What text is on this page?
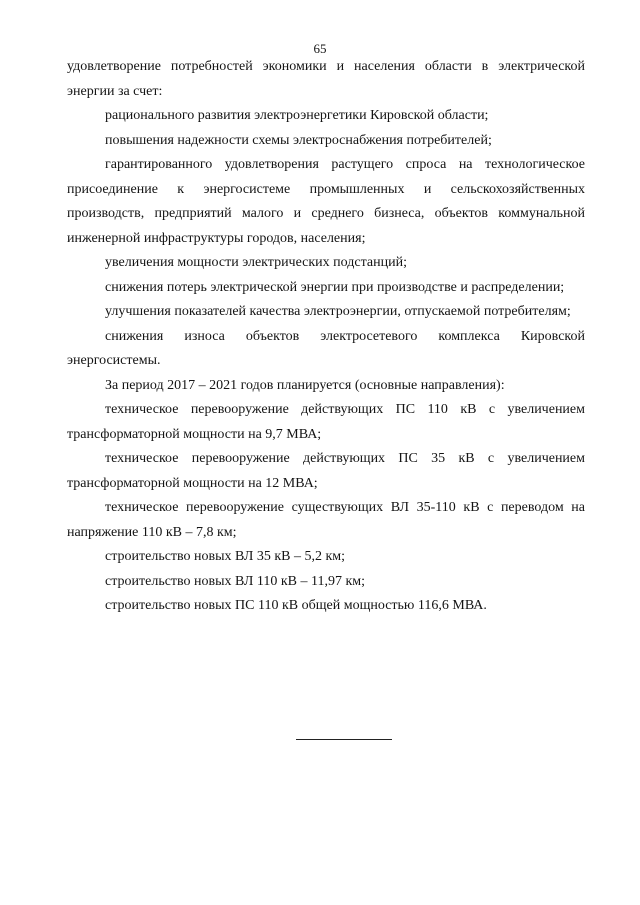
65

удовлетворение потребностей экономики и населения области в электрической энергии за счет:

рационального развития электроэнергетики Кировской области;

повышения надежности схемы электроснабжения потребителей;

гарантированного удовлетворения растущего спроса на технологическое присоединение к энергосистеме промышленных и сельскохозяйственных производств, предприятий малого и среднего бизнеса, объектов коммунальной инженерной инфраструктуры городов, населения;

увеличения мощности электрических подстанций;

снижения потерь электрической энергии при производстве и распределении;

улучшения показателей качества электроэнергии, отпускаемой потребителям;

снижения износа объектов электросетевого комплекса Кировской энергосистемы.

За период 2017 – 2021 годов планируется (основные направления):

техническое перевооружение действующих ПС 110 кВ с увеличением трансформаторной мощности на 9,7 МВА;

техническое перевооружение действующих ПС 35 кВ с увеличением трансформаторной мощности на 12 МВА;

техническое перевооружение существующих ВЛ 35-110 кВ с переводом на напряжение 110 кВ – 7,8 км;

строительство новых ВЛ 35 кВ – 5,2 км;

строительство новых ВЛ 110 кВ – 11,97 км;

строительство новых ПС 110 кВ общей мощностью 116,6 МВА.
